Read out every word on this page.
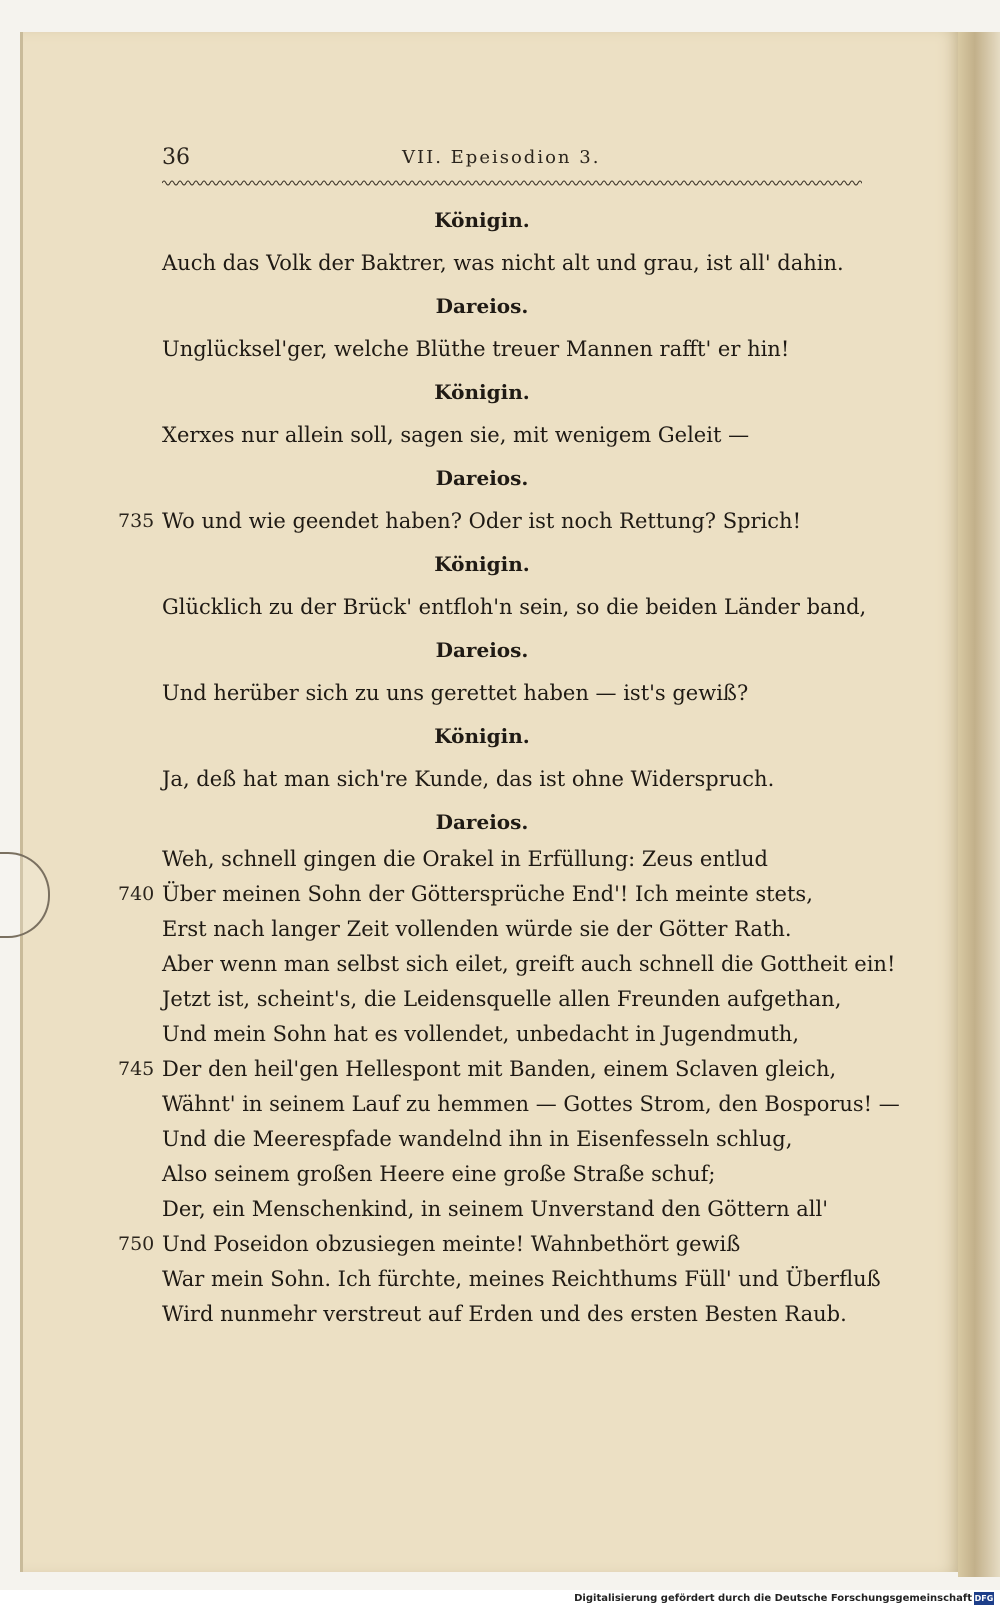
36	VII. Epeisodion 3.
Königin.
Auch das Volk der Baktrer, was nicht alt und grau, ist all' dahin.
Dareios.
Unglücksel'ger, welche Blüthe treuer Mannen rafft' er hin!
Königin.
Xerxes nur allein soll, sagen sie, mit wenigem Geleit —
Dareios.
735 Wo und wie geendet haben? Oder ist noch Rettung? Sprich!
Königin.
Glücklich zu der Brück' entfloh'n sein, so die beiden Länder band,
Dareios.
Und herüber sich zu uns gerettet haben — ist's gewiß?
Königin.
Ja, deß hat man sich're Kunde, das ist ohne Widerspruch.
Dareios.
Weh, schnell gingen die Orakel in Erfüllung: Zeus entlud
740 Über meinen Sohn der Göttersprüche End'! Ich meinte stets,
Erst nach langer Zeit vollenden würde sie der Götter Rath.
Aber wenn man selbst sich eilet, greift auch schnell die Gottheit ein!
Jetzt ist, scheint's, die Leidensquelle allen Freunden aufgethan,
Und mein Sohn hat es vollendet, unbedacht in Jugendmuth,
745 Der den heil'gen Hellespont mit Banden, einem Sclaven gleich,
Wähnt' in seinem Lauf zu hemmen — Gottes Strom, den Bosporus! —
Und die Meerespfade wandelnd ihn in Eisenfesseln schlug,
Also seinem großen Heere eine große Straße schuf;
Der, ein Menschenkind, in seinem Unverstand den Göttern all'
750 Und Poseidon obzusiegen meinte! Wahnbethört gewiß
War mein Sohn. Ich fürchte, meines Reichthums Füll' und Überfluß
Wird nunmehr verstreut auf Erden und des ersten Besten Raub.
Digitalisierung gefördert durch die Deutsche Forschungsgemeinschaft DFG
